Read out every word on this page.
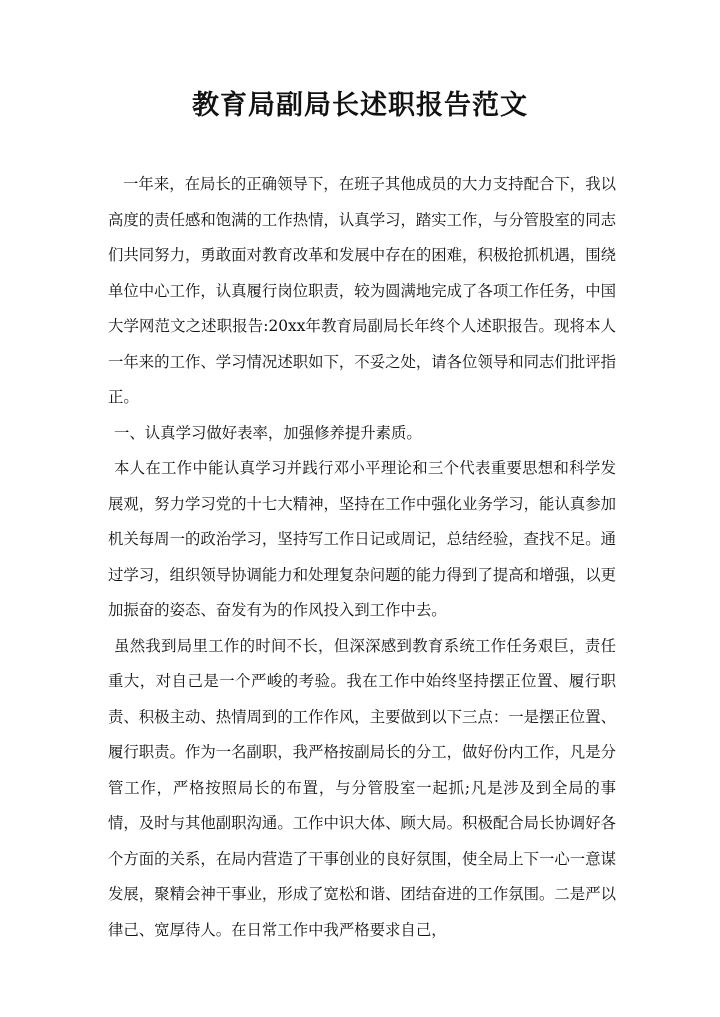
教育局副局长述职报告范文

一年来，在局长的正确领导下，在班子其他成员的大力支持配合下，我以高度的责任感和饱满的工作热情，认真学习，踏实工作，与分管股室的同志们共同努力，勇敢面对教育改革和发展中存在的困难，积极抢抓机遇，围绕单位中心工作，认真履行岗位职责，较为圆满地完成了各项工作任务，中国大学网范文之述职报告:20xx年教育局副局长年终个人述职报告。现将本人一年来的工作、学习情况述职如下，不妥之处，请各位领导和同志们批评指正。

一、认真学习做好表率，加强修养提升素质。

本人在工作中能认真学习并践行邓小平理论和三个代表重要思想和科学发展观，努力学习党的十七大精神，坚持在工作中强化业务学习，能认真参加机关每周一的政治学习，坚持写工作日记或周记，总结经验，查找不足。通过学习，组织领导协调能力和处理复杂问题的能力得到了提高和增强，以更加振奋的姿态、奋发有为的作风投入到工作中去。

虽然我到局里工作的时间不长，但深深感到教育系统工作任务艰巨，责任重大，对自己是一个严峻的考验。我在工作中始终坚持摆正位置、履行职责、积极主动、热情周到的工作作风，主要做到以下三点：一是摆正位置、履行职责。作为一名副职，我严格按副局长的分工，做好份内工作，凡是分管工作，严格按照局长的布置，与分管股室一起抓;凡是涉及到全局的事情，及时与其他副职沟通。工作中识大体、顾大局。积极配合局长协调好各个方面的关系，在局内营造了干事创业的良好氛围，使全局上下一心一意谋发展，聚精会神干事业，形成了宽松和谐、团结奋进的工作氛围。二是严以律己、宽厚待人。在日常工作中我严格要求自己，
